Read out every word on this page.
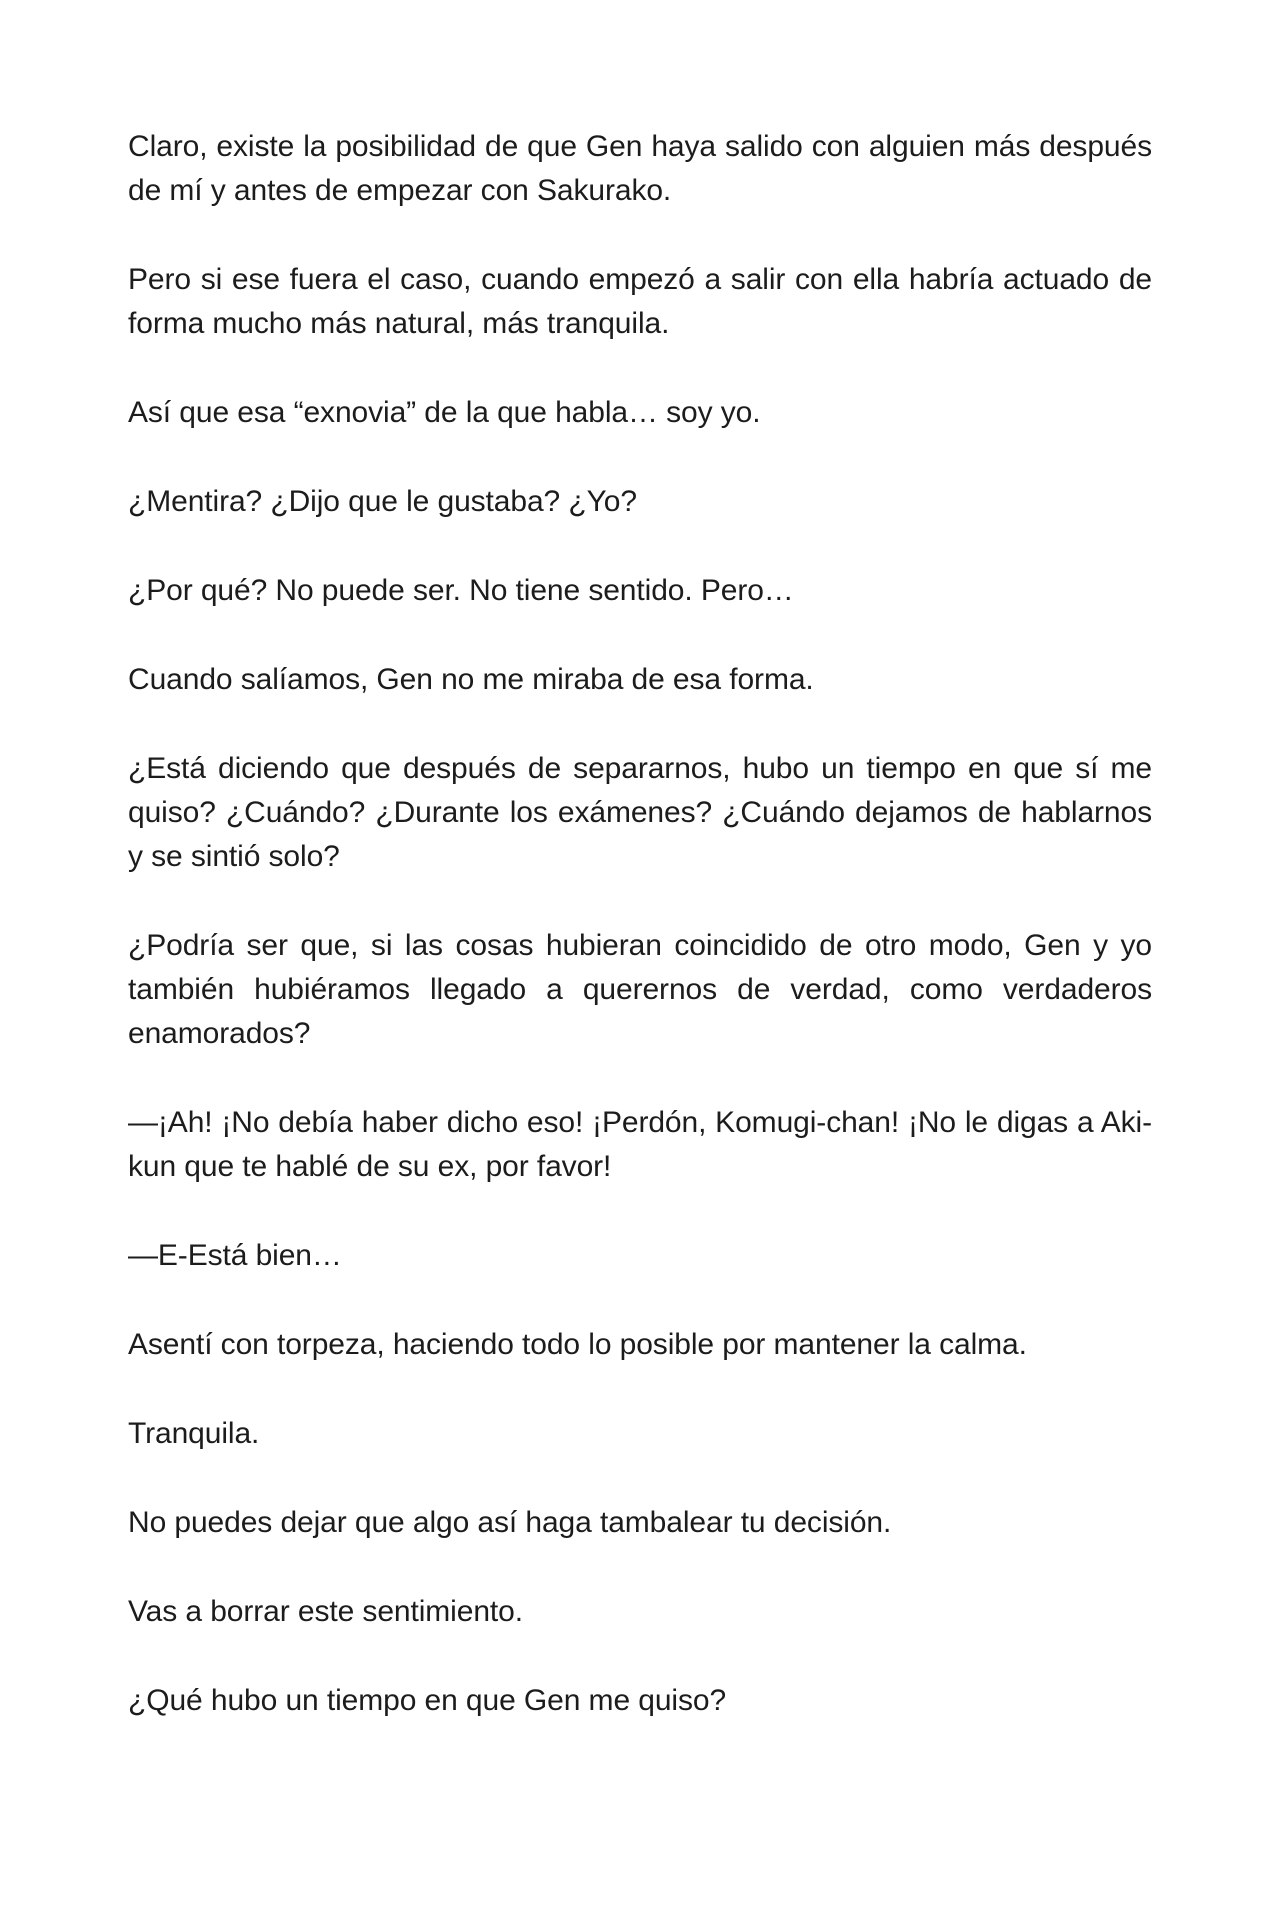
Claro, existe la posibilidad de que Gen haya salido con alguien más después de mí y antes de empezar con Sakurako.

Pero si ese fuera el caso, cuando empezó a salir con ella habría actuado de forma mucho más natural, más tranquila.

Así que esa “exnovia” de la que habla… soy yo.

¿Mentira? ¿Dijo que le gustaba? ¿Yo?

¿Por qué? No puede ser. No tiene sentido. Pero…

Cuando salíamos, Gen no me miraba de esa forma.

¿Está diciendo que después de separarnos, hubo un tiempo en que sí me quiso? ¿Cuándo? ¿Durante los exámenes? ¿Cuándo dejamos de hablarnos y se sintió solo?

¿Podría ser que, si las cosas hubieran coincidido de otro modo, Gen y yo también hubiéramos llegado a querernos de verdad, como verdaderos enamorados?

—¡Ah! ¡No debía haber dicho eso! ¡Perdón, Komugi-chan! ¡No le digas a Aki-kun que te hablé de su ex, por favor!

—E-Está bien…

Asentí con torpeza, haciendo todo lo posible por mantener la calma.

Tranquila.

No puedes dejar que algo así haga tambalear tu decisión.

Vas a borrar este sentimiento.

¿Qué hubo un tiempo en que Gen me quiso?
